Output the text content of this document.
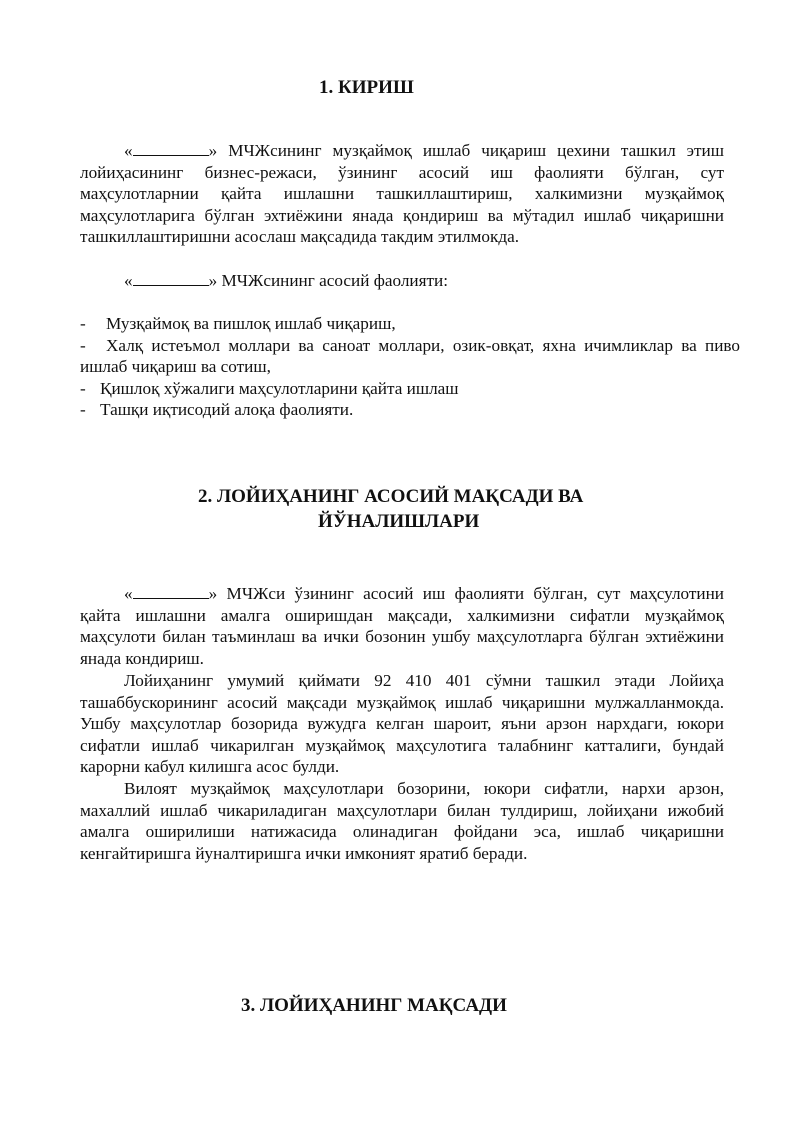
1. КИРИШ

«	» МЧЖсининг музқаймоқ ишлаб чиқариш цехини ташкил этиш лойиҳасининг бизнес-режаси, ўзининг асосий иш фаолияти бўлган, сут маҳсулотларнии қайта ишлашни ташкиллаштириш, халкимизни музқаймоқ маҳсулотларига бўлган эхтиёжини янада қондириш ва мўтадил ишлаб чиқаришни ташкиллаштиришни асослаш мақсадида такдим этилмокда.

«	» МЧЖсининг асосий фаолияти:

- Музқаймоқ ва пишлоқ ишлаб чиқариш,
- Халқ истеъмол моллари ва саноат моллари, озик-овқат, яхна ичимликлар ва пиво ишлаб чиқариш ва сотиш,
- Қишлоқ хўжалиги маҳсулотларини қайта ишлаш
- Ташқи иқтисодий алоқа фаолияти.
2. ЛОЙИҲАНИНГ АСОСИЙ МАҚСАДИ ВА
ЙЎНАЛИШЛАРИ

«	» МЧЖси ўзининг асосий иш фаолияти бўлган, сут маҳсулотини қайта ишлашни амалга оширишдан мақсади, халкимизни сифатли музқаймоқ маҳсулоти билан таъминлаш ва ички бозонин ушбу маҳсулотларга бўлган эхтиёжини янада кондириш.

Лойиҳанинг умумий қиймати 92 410 401 сўмни ташкил этади Лойиҳа ташаббускорининг асосий мақсади музқаймоқ ишлаб чиқаришни мулжалланмокда. Ушбу маҳсулотлар бозорида вужудга келган шароит, яъни арзон нархдаги, юкори сифатли ишлаб чикарилган музқаймоқ маҳсулотига талабнинг катталиги, бундай карорни кабул килишга асос булди.

Вилоят музқаймоқ маҳсулотлари бозорини, юкори сифатли, нархи арзон, махаллий ишлаб чикариладиган маҳсулотлари билан тулдириш, лойиҳани ижобий амалга оширилиши натижасида олинадиган фойдани эса, ишлаб чиқаришни кенгайтиришга йуналтиришга ички имконият яратиб беради.

3. ЛОЙИҲАНИНГ МАҚСАДИ
